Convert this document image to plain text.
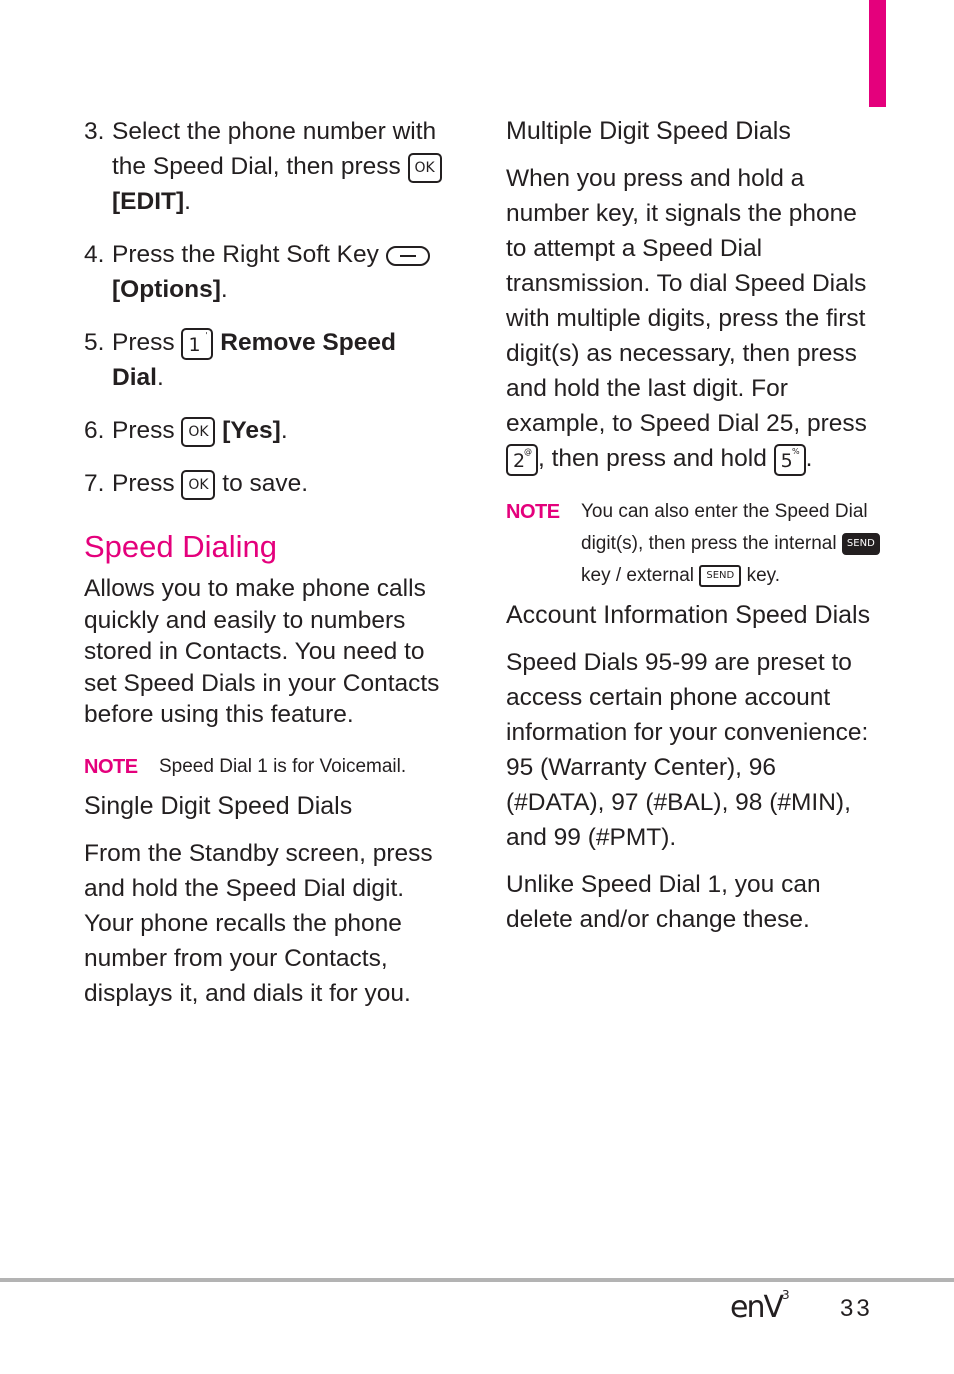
3. Select the phone number with the Speed Dial, then press OK [EDIT].
4. Press the Right Soft Key
[Options].
5. Press 1 ' Remove Speed Dial.
6. Press OK [Yes].
7. Press OK to save.
Speed Dialing
Allows you to make phone calls quickly and easily to numbers stored in Contacts. You need to set Speed Dials in your Contacts before using this feature.
NOTE Speed Dial 1 is for Voicemail.
Single Digit Speed Dials
From the Standby screen, press and hold the Speed Dial digit. Your phone recalls the phone number from your Contacts, displays it, and dials it for you.
Multiple Digit Speed Dials
When you press and hold a number key, it signals the phone to attempt a Speed Dial transmission. To dial Speed Dials with multiple digits, press the first digit(s) as necessary, then press and hold the last digit. For example, to Speed Dial 25, press 2
@ , then press and hold 5 % .
NOTE You can also enter the Speed Dial digit(s), then press the internal SEND key / external SEND key.
Account Information Speed Dials
Speed Dials 95-99 are preset to access certain phone account information for your convenience: 95 (Warranty Center), 96 (#DATA), 97 (#BAL), 98 (#MIN), and 99 (#PMT).
Unlike Speed Dial 1, you can delete and/or change these.
enV$^3$ 33
